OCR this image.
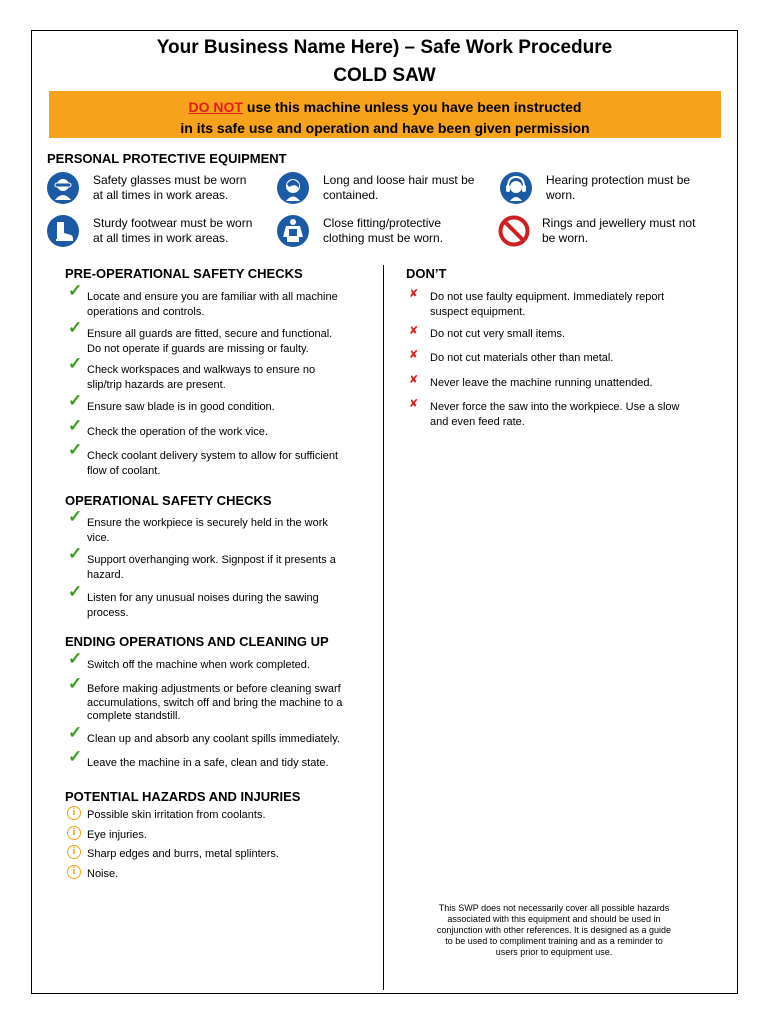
Your Business Name Here) – Safe Work Procedure
COLD SAW
DO NOT use this machine unless you have been instructed
in its safe use and operation and have been given permission
PERSONAL PROTECTIVE EQUIPMENT
Safety glasses must be worn
at all times in work areas.
Long and loose hair must be
contained.
Hearing protection must be
worn.
Sturdy footwear must be worn
at all times in work areas.
Close fitting/protective
clothing must be worn.
Rings and jewellery must not
be worn.
PRE-OPERATIONAL SAFETY CHECKS
✓
Locate and ensure you are familiar with all machine
operations and controls.
✓
Ensure all guards are fitted, secure and functional.
Do not operate if guards are missing or faulty.
✓
Check workspaces and walkways to ensure no
slip/trip hazards are present.
✓
Ensure saw blade is in good condition.
✓
Check the operation of the work vice.
✓
Check coolant delivery system to allow for sufficient
flow of coolant.
OPERATIONAL SAFETY CHECKS
✓
Ensure the workpiece is securely held in the work
vice.
✓
Support overhanging work. Signpost if it presents a
hazard.
✓
Listen for any unusual noises during the sawing
process.
ENDING OPERATIONS AND CLEANING UP
✓
Switch off the machine when work completed.
✓
Before making adjustments or before cleaning swarf
accumulations, switch off and bring the machine to a
complete standstill.
✓
Clean up and absorb any coolant spills immediately.
✓
Leave the machine in a safe, clean and tidy state.
POTENTIAL HAZARDS AND INJURIES
i	Possible skin irritation from coolants.
i	Eye injuries.
i	Sharp edges and burrs, metal splinters.
i	Noise.
DON’T
✘
Do not use faulty equipment. Immediately report
suspect equipment.
✘
Do not cut very small items.
✘
Do not cut materials other than metal.
✘
Never leave the machine running unattended.
✘
Never force the saw into the workpiece. Use a slow
and even feed rate.
This SWP does not necessarily cover all possible hazards
associated with this equipment and should be used in
conjunction with other references. It is designed as a guide
to be used to compliment training and as a reminder to
users prior to equipment use.
